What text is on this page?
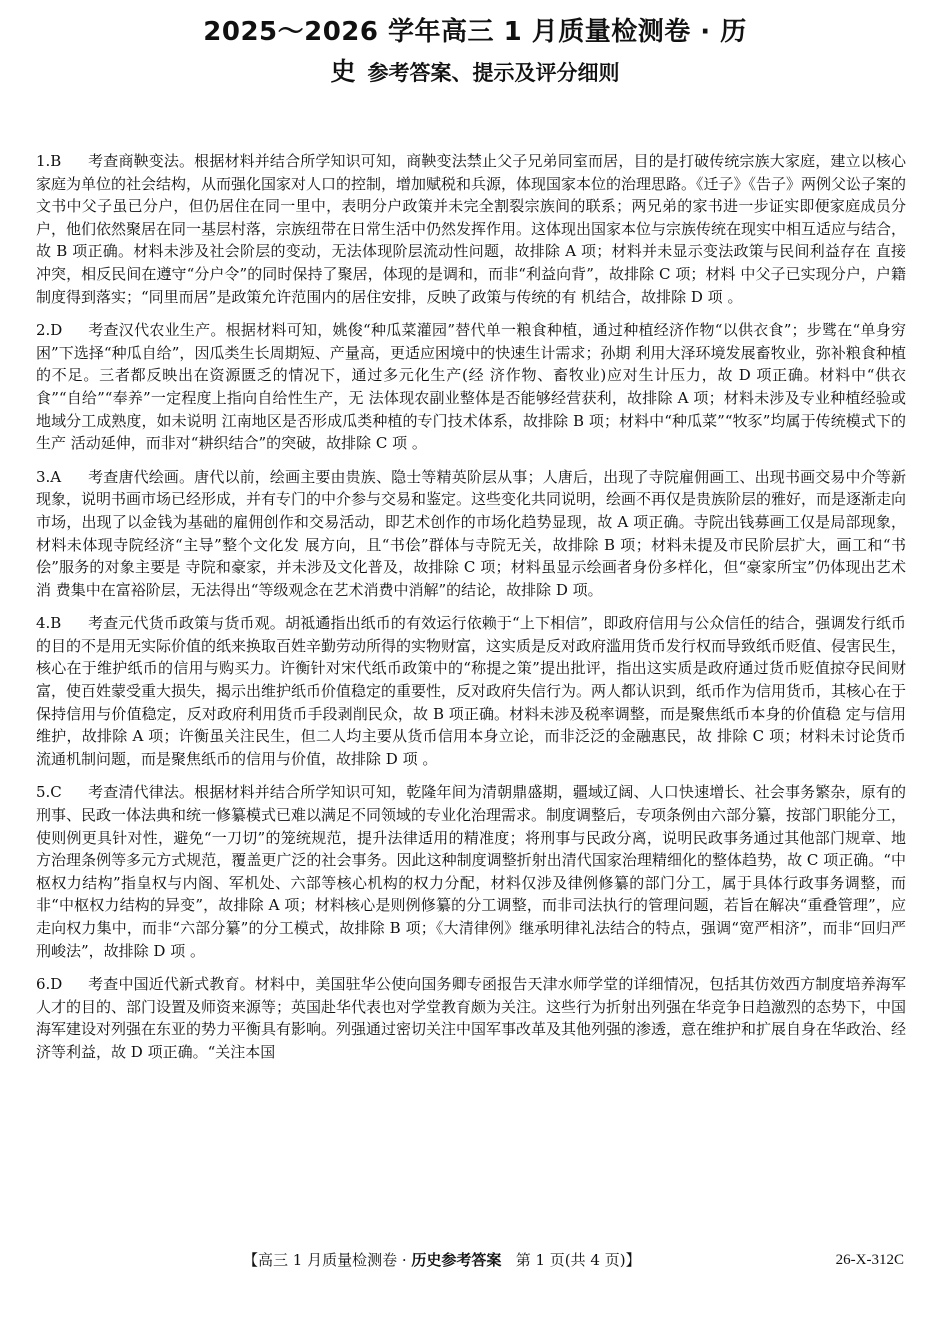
2025～2026 学年高三 1 月质量检测卷 · 历
史 参考答案、提示及评分细则
1.B 考查商鞅变法。根据材料并结合所学知识可知，商鞅变法禁止父子兄弟同室而居，目的是打破传统宗族大家庭，建立以核心家庭为单位的社会结构，从而强化国家对人口的控制，增加赋税和兵源，体现国家本位的治理思路。《迁子》《告子》两例父讼子案的文书中父子虽已分户，但仍居住在同一里中，表明分户政策并未完全割裂宗族间的联系；两兄弟的家书进一步证实即便家庭成员分户，他们依然聚居在同一基层村落，宗族纽带在日常生活中仍然发挥作用。这体现出国家本位与宗族传统在现实中相互适应与结合，故 B 项正确。材料未涉及社会阶层的变动，无法体现阶层流动性问题，故排除 A 项；材料并未显示变法政策与民间利益存在 直接冲突，相反民间在遵守“分户令”的同时保持了聚居，体现的是调和，而非“利益向背”，故排除 C 项；材料 中父子已实现分户，户籍制度得到落实；“同里而居”是政策允许范围内的居住安排，反映了政策与传统的有 机结合，故排除 D 项 。
2.D 考查汉代农业生产。根据材料可知，姚俊“种瓜菜灌园”替代单一粮食种植，通过种植经济作物“以供衣食”；步骘在“单身穷困”下选择“种瓜自给”，因瓜类生长周期短、产量高，更适应困境中的快速生计需求；孙期 利用大泽环境发展畜牧业，弥补粮食种植的不足。三者都反映出在资源匮乏的情况下，通过多元化生产(经 济作物、畜牧业)应对生计压力，故 D 项正确。材料中“供衣食”“自给”“奉养”一定程度上指向自给性生产，无 法体现农副业整体是否能够经营获利，故排除 A 项；材料未涉及专业种植经验或地域分工成熟度，如未说明 江南地区是否形成瓜类种植的专门技术体系，故排除 B 项；材料中“种瓜菜”“牧豕”均属于传统模式下的生产 活动延伸，而非对“耕织结合”的突破，故排除 C 项 。
3.A 考查唐代绘画。唐代以前，绘画主要由贵族、隐士等精英阶层从事；人唐后，出现了寺院雇佣画工、出现书画交易中介等新现象，说明书画市场已经形成，并有专门的中介参与交易和鉴定。这些变化共同说明，绘画不再仅是贵族阶层的雅好，而是逐渐走向市场，出现了以金钱为基础的雇佣创作和交易活动，即艺术创作的市场化趋势显现，故 A 项正确。寺院出钱募画工仅是局部现象，材料未体现寺院经济“主导”整个文化发 展方向，且“书侩”群体与寺院无关，故排除 B 项；材料未提及市民阶层扩大，画工和“书侩”服务的对象主要是 寺院和豪家，并未涉及文化普及，故排除 C 项；材料虽显示绘画者身份多样化，但“豪家所宝”仍体现出艺术消 费集中在富裕阶层，无法得出“等级观念在艺术消费中消解”的结论，故排除 D 项。
4.B 考查元代货币政策与货币观。胡祗遹指出纸币的有效运行依赖于“上下相信”，即政府信用与公众信任的结合，强调发行纸币的目的不是用无实际价值的纸来换取百姓辛勤劳动所得的实物财富，这实质是反对政府滥用货币发行权而导致纸币贬值、侵害民生，核心在于维护纸币的信用与购买力。许衡针对宋代纸币政策中的“称提之策”提出批评，指出这实质是政府通过货币贬值掠夺民间财富，使百姓蒙受重大损失，揭示出维护纸币价值稳定的重要性，反对政府失信行为。两人都认识到，纸币作为信用货币，其核心在于保持信用与价值稳定，反对政府利用货币手段剥削民众，故 B 项正确。材料未涉及税率调整，而是聚焦纸币本身的价值稳 定与信用维护，故排除 A 项；许衡虽关注民生，但二人均主要从货币信用本身立论，而非泛泛的金融惠民，故 排除 C 项；材料未讨论货币流通机制问题，而是聚焦纸币的信用与价值，故排除 D 项 。
5.C 考查清代律法。根据材料并结合所学知识可知，乾隆年间为清朝鼎盛期，疆域辽阔、人口快速增长、社会事务繁杂，原有的刑事、民政一体法典和统一修纂模式已难以满足不同领域的专业化治理需求。制度调整后，专项条例由六部分纂，按部门职能分工，使则例更具针对性，避免“一刀切”的笼统规范，提升法律适用的精准度；将刑事与民政分离，说明民政事务通过其他部门规章、地方治理条例等多元方式规范，覆盖更广泛的社会事务。因此这种制度调整折射出清代国家治理精细化的整体趋势，故 C 项正确。“中枢权力结构”指皇权与内阁、军机处、六部等核心机构的权力分配，材料仅涉及律例修纂的部门分工，属于具体行政事务调整，而非“中枢权力结构的异变”，故排除 A 项；材料核心是则例修纂的分工调整，而非司法执行的管理问题，若旨在解决“重叠管理”，应走向权力集中，而非“六部分纂”的分工模式，故排除 B 项；《大清律例》继承明律礼法结合的特点，强调“宽严相济”，而非“回归严刑峻法”，故排除 D 项 。
6.D 考查中国近代新式教育。材料中，美国驻华公使向国务卿专函报告天津水师学堂的详细情况，包括其仿效西方制度培养海军人才的目的、部门设置及师资来源等；英国赴华代表也对学堂教育颇为关注。这些行为折射出列强在华竞争日趋激烈的态势下，中国海军建设对列强在东亚的势力平衡具有影响。列强通过密切关注中国军事改革及其他列强的渗透，意在维护和扩展自身在华政治、经济等利益，故 D 项正确。“关注本国
【高三 1 月质量检测卷 · 历史参考答案 第 1 页(共 4 页)】	26-X-312C
